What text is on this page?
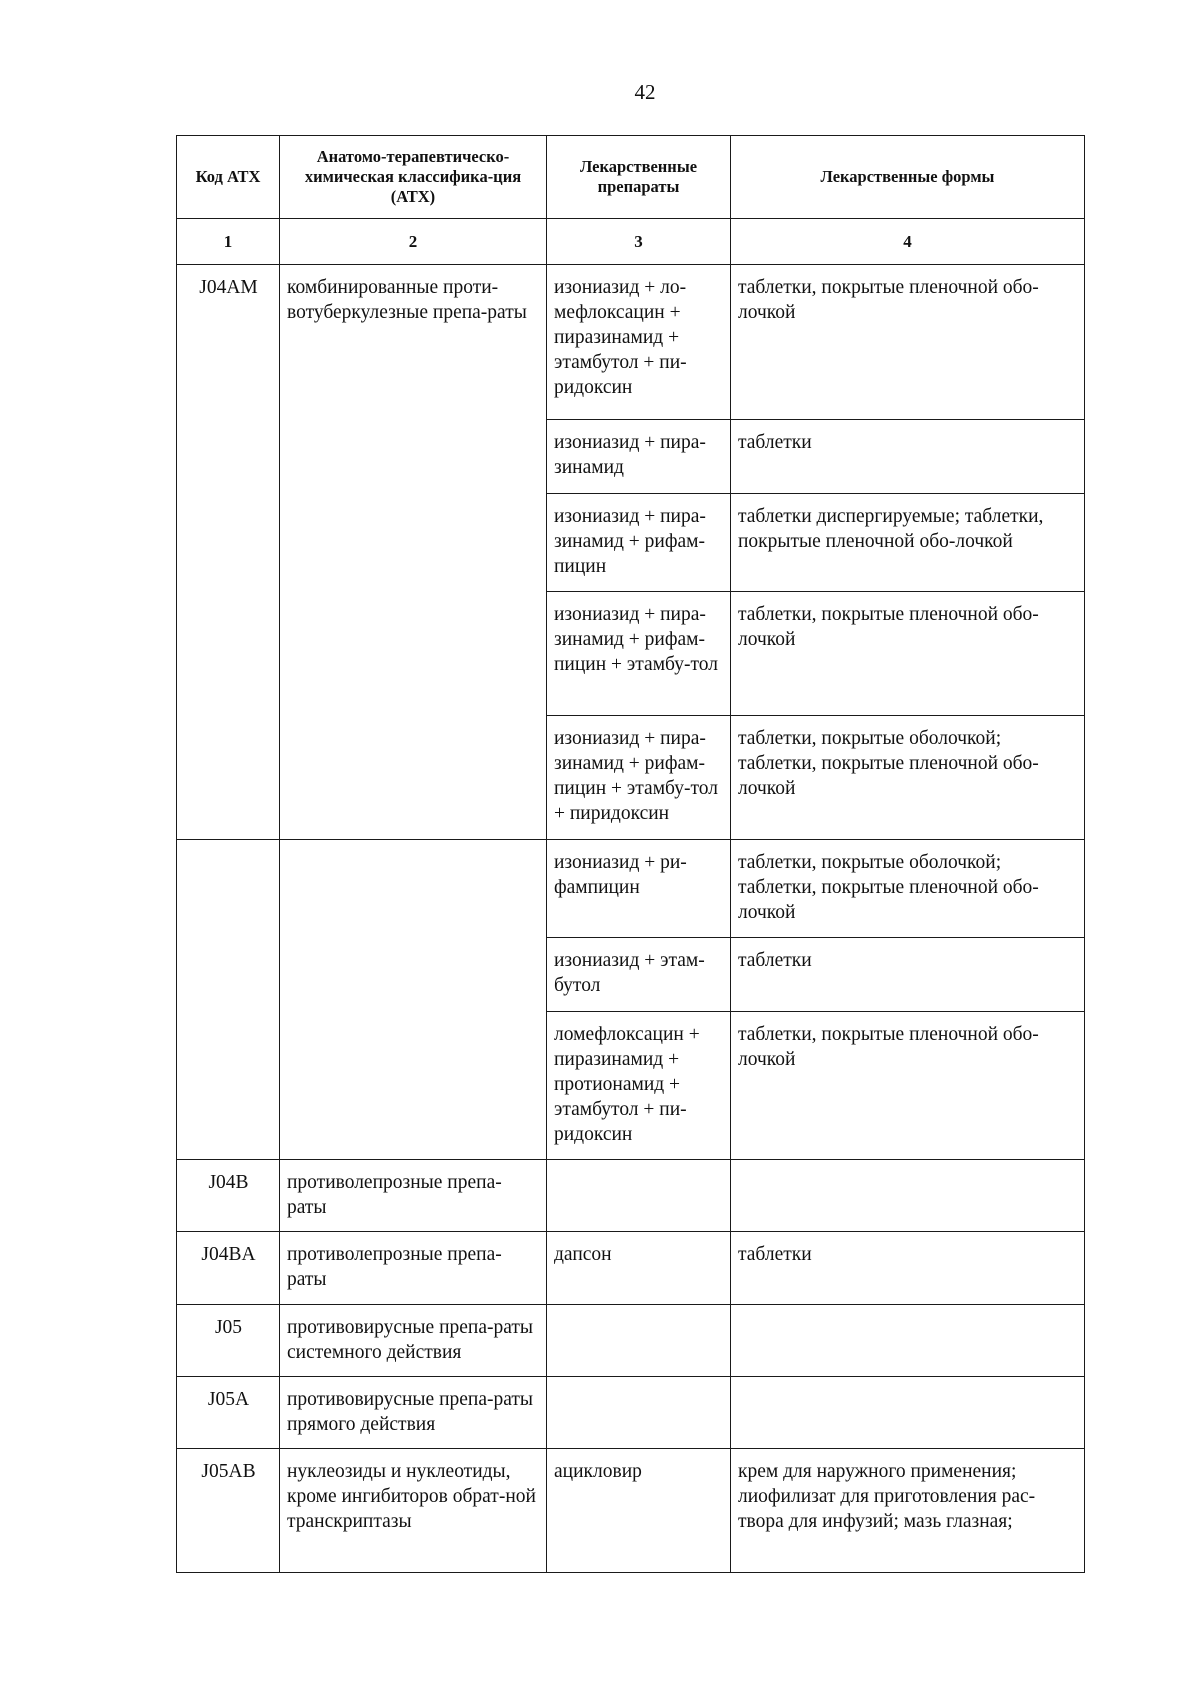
42
Код АТХ	Анатомо-терапевтическо-химическая классифика-ция (АТХ)	Лекарственные препараты	Лекарственные формы
1	2	3	4
J04AM	комбинированные проти-вотуберкулезные препа-раты	изониазид + ло-мефлоксацин + пиразинамид + этамбутол + пи-ридоксин	таблетки, покрытые пленочной обо-лочкой
		изониазид + пира-зинамид	таблетки
		изониазид + пира-зинамид + рифам-пицин	таблетки диспергируемые; таблетки, покрытые пленочной обо-лочкой
		изониазид + пира-зинамид + рифам-пицин + этамбу-тол	таблетки, покрытые пленочной обо-лочкой
		изониазид + пира-зинамид + рифам-пицин + этамбу-тол + пиридоксин	таблетки, покрытые оболочкой; таблетки, покрытые пленочной обо-лочкой
		изониазид + ри-фампицин	таблетки, покрытые оболочкой; таблетки, покрытые пленочной обо-лочкой
		изониазид + этам-бутол	таблетки
		ломефлоксацин + пиразинамид + протионамид + этамбутол + пи-ридоксин	таблетки, покрытые пленочной обо-лочкой
J04B	противолепрозные препа-раты		
J04BA	противолепрозные препа-раты	дапсон	таблетки
J05	противовирусные препа-раты системного действия		
J05A	противовирусные препа-раты прямого действия		
J05AB	нуклеозиды и нуклеотиды, кроме ингибиторов обрат-ной транскриптазы	ацикловир	крем для наружного применения; лиофилизат для приготовления рас-твора для инфузий; мазь глазная;
